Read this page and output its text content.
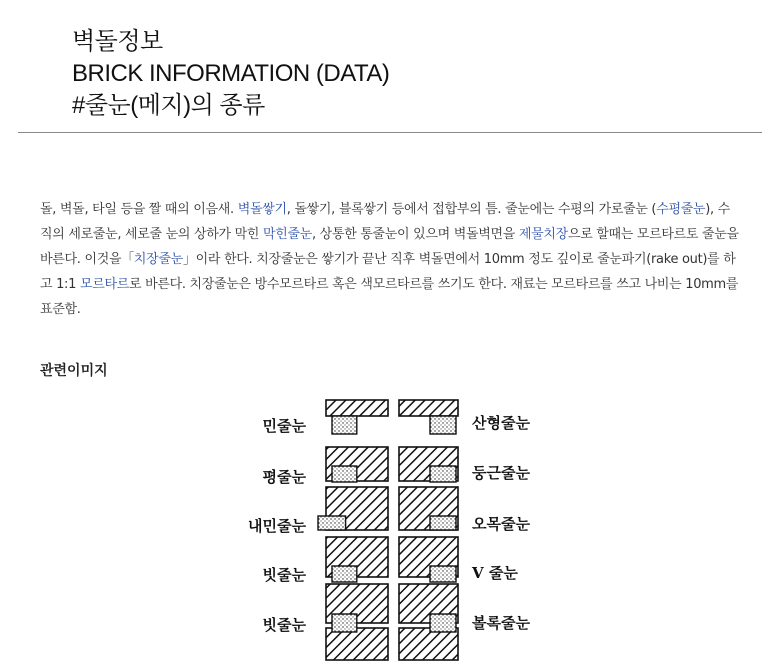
벽돌정보
BRICK INFORMATION (DATA)
#줄눈(메지)의 종류
돌, 벽돌, 타일 등을 짤 때의 이음새. 벽돌쌓기, 돌쌓기, 블록쌓기 등에서 접합부의 틈. 줄눈에는 수평의 가로줄눈 (수평줄눈), 수직의 세로줄눈, 세로줄 눈의 상하가 막힌 막힌줄눈, 상통한 통줄눈이 있으며 벽돌벽면을 제물치장으로 할때는 모르타르토 줄눈을 바른다. 이것을「치장줄눈」이라 한다. 치장줄눈은 쌓기가 끝난 직후 벽돌면에서 10mm 정도 깊이로 줄눈파기(rake out)를 하고 1:1 모르타르로 바른다. 치장줄눈은 방수모르타르 혹은 색모르타르를 쓰기도 한다. 재료는 모르타르를 쓰고 나비는 10mm를 표준함.
관련이미지
민줄눈
평줄눈
내민줄눈
빗줄눈
빗줄눈
산형줄눈
둥근줄눈
오목줄눈
V 줄눈
볼록줄눈
